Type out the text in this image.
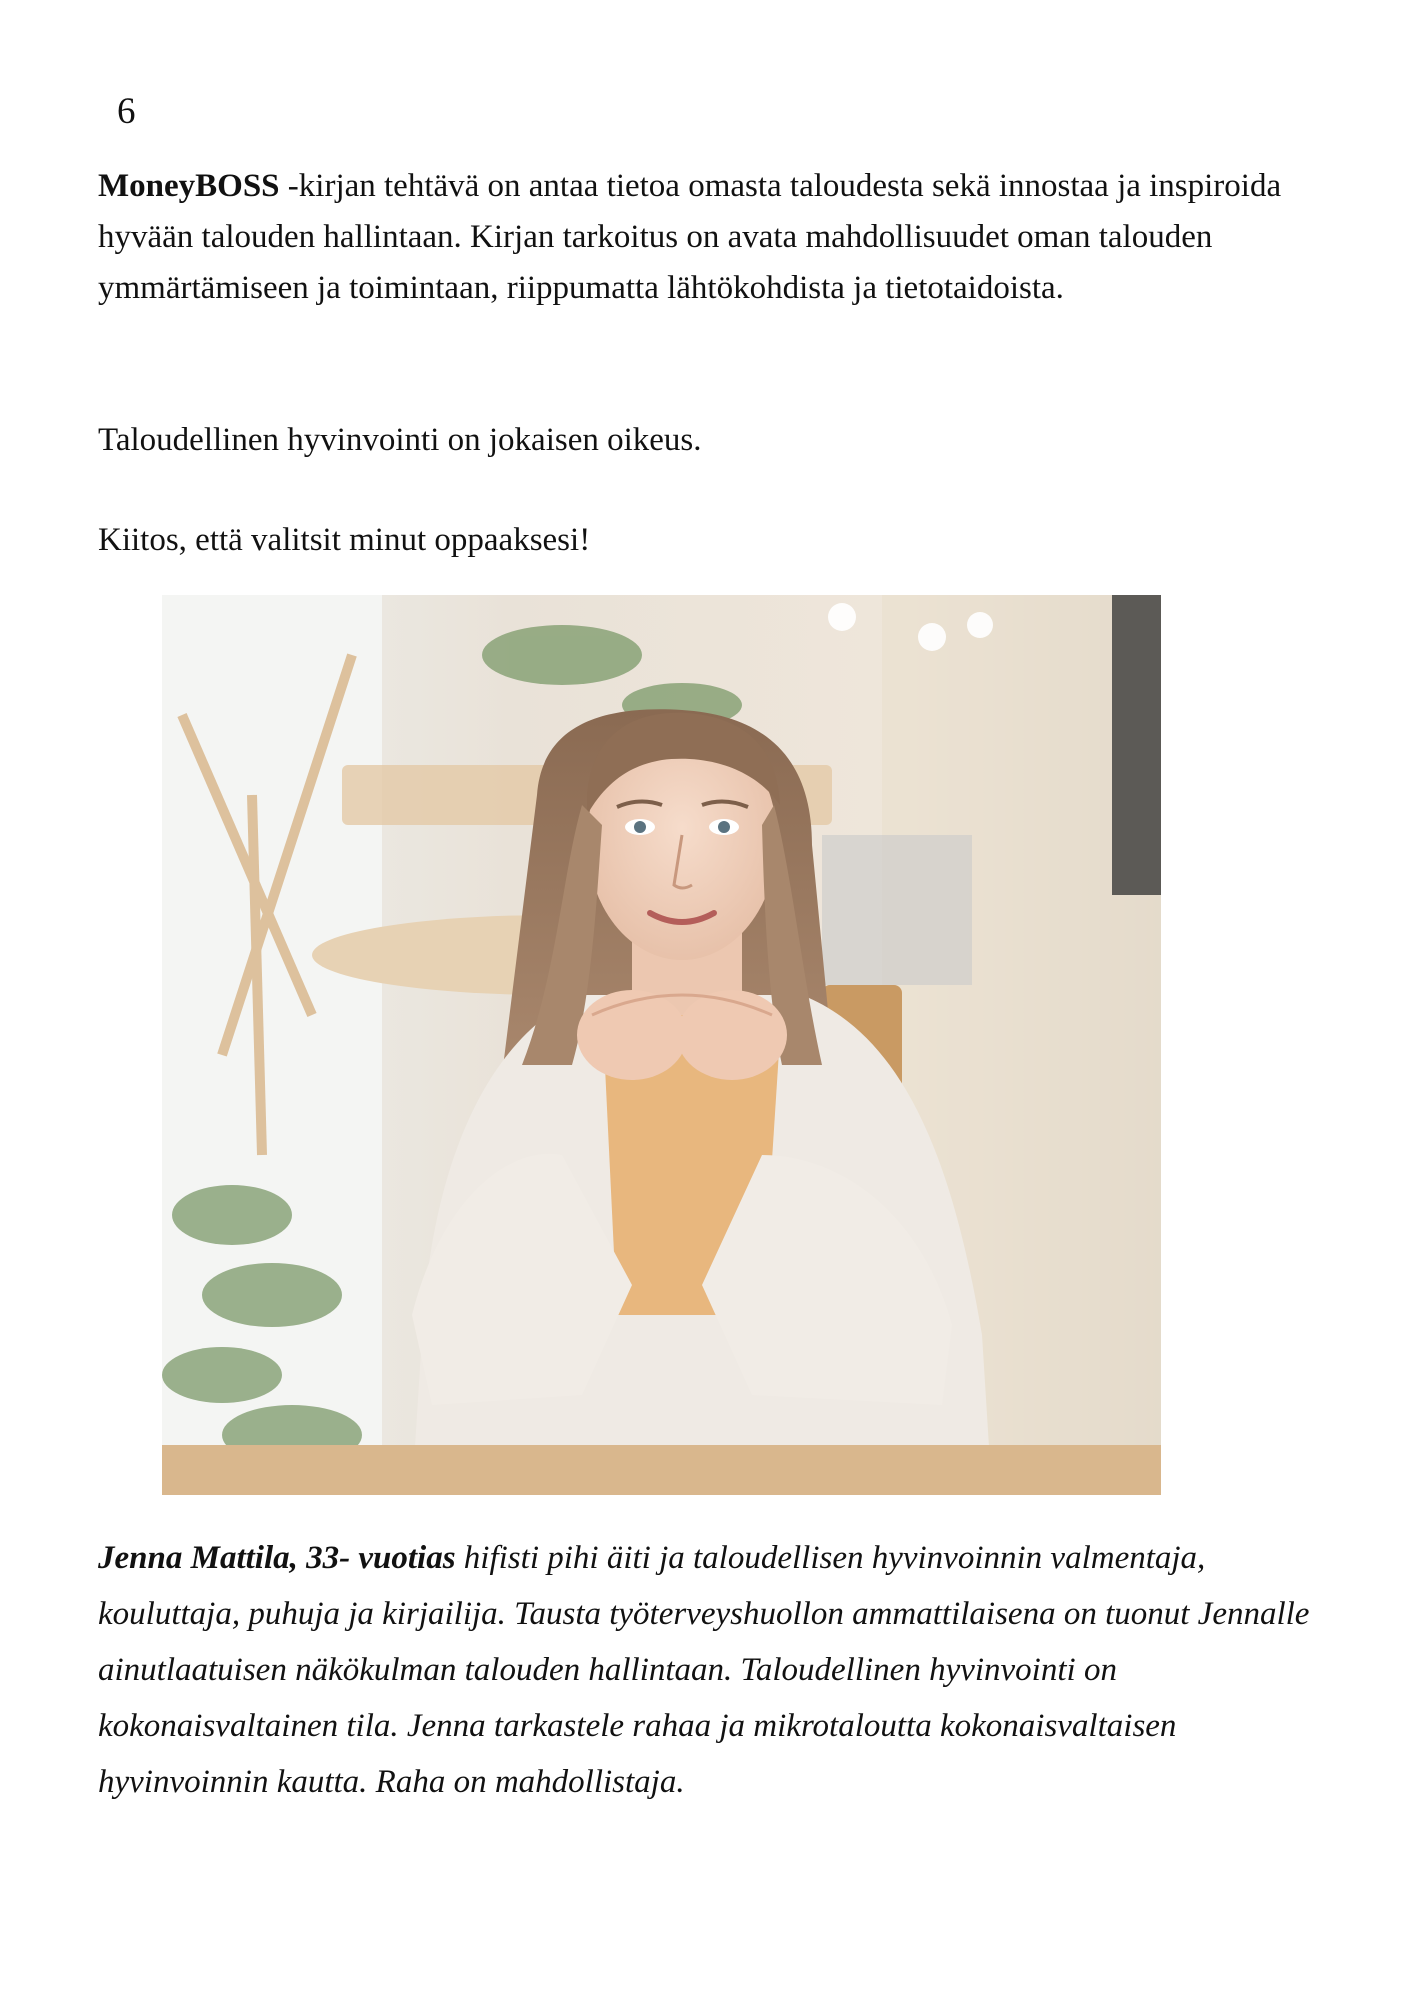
6

MoneyBOSS -kirjan tehtävä on antaa tietoa omasta taloudesta sekä innostaa ja inspiroida hyvään talouden hallintaan. Kirjan tarkoitus on avata mahdollisuudet oman talouden ymmärtämiseen ja toimintaan, riippumatta lähtökohdista ja tietotaidoista.

Taloudellinen hyvinvointi on jokaisen oikeus.

Kiitos, että valitsit minut oppaaksesi!

Jenna Mattila, 33- vuotias hifisti pihi äiti ja taloudellisen hyvinvoinnin valmentaja, kouluttaja, puhuja ja kirjailija. Tausta työterveyshuollon ammattilaisena on tuonut Jennalle ainutlaatuisen näkökulman talouden hallintaan. Taloudellinen hyvinvointi on kokonaisvaltainen tila. Jenna tarkastele rahaa ja mikrotaloutta kokonaisvaltaisen hyvinvoinnin kautta. Raha on mahdollistaja.
